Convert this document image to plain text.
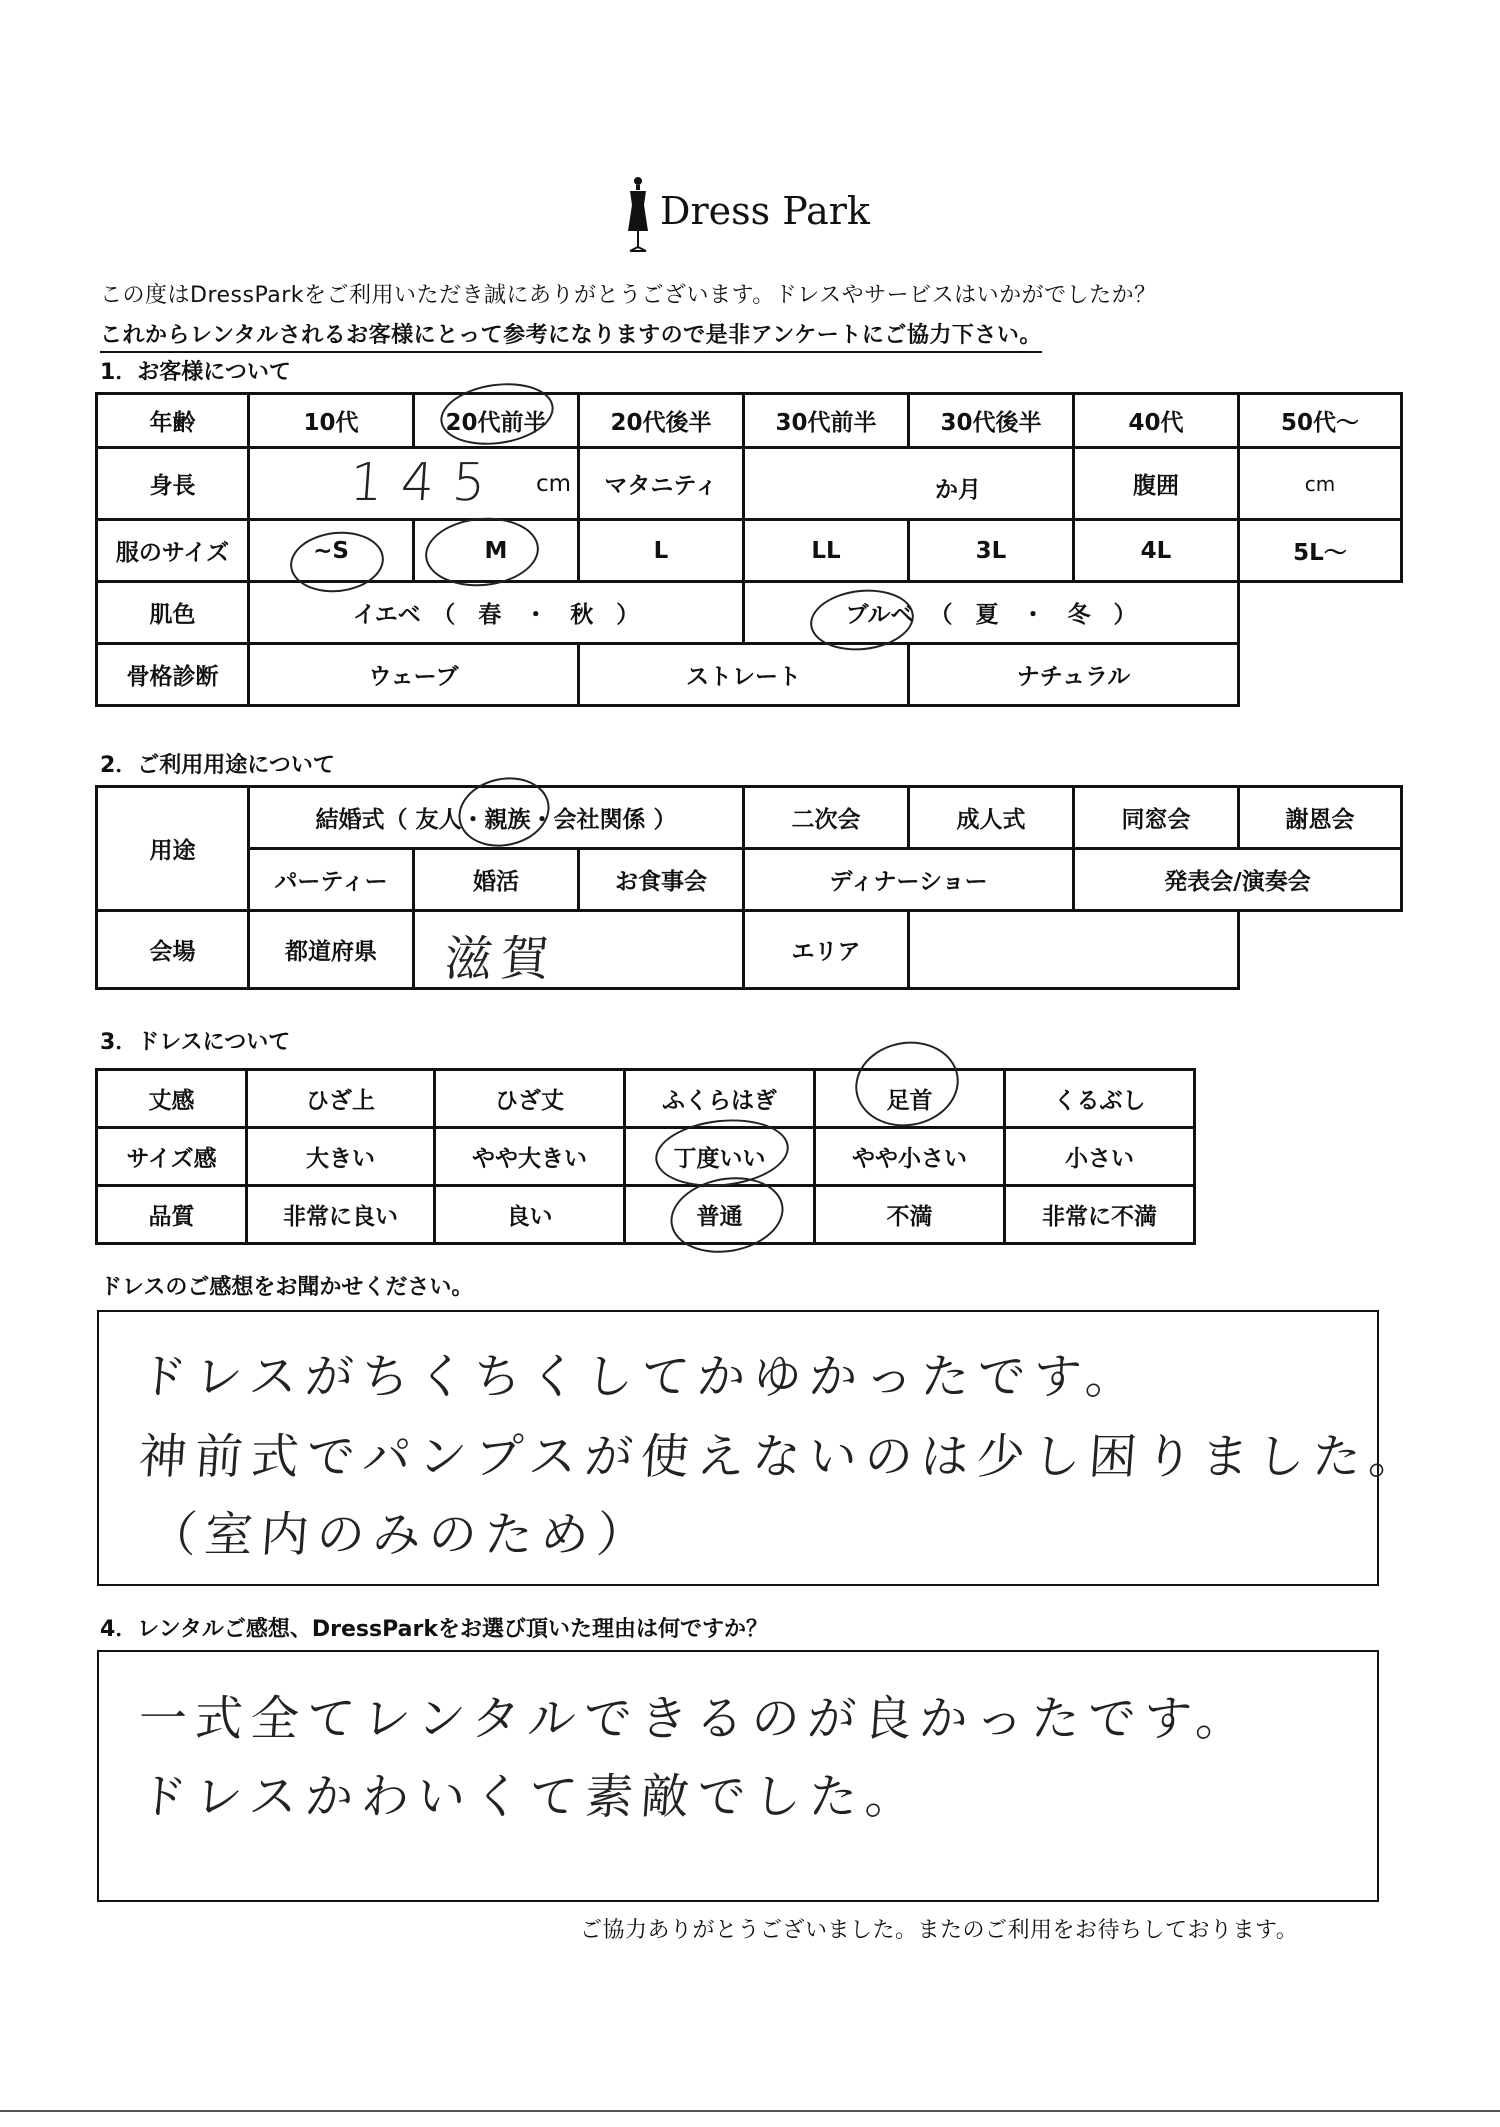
Dress Park
この度はDressParkをご利用いただき誠にありがとうございます。ドレスやサービスはいかがでしたか？
これからレンタルされるお客様にとって参考になりますので是非アンケートにご協力下さい。
1．お客様について
年齢	10代	20代前半	20代後半	30代前半	30代後半	40代	50代〜
身長	145 cm		マタニティ	か月		腹囲	cm
服のサイズ	~S	M	L	LL	3L	4L	5L〜
肌色	イエベ　（　春　・　秋　）			ブルベ （　夏　・　冬　）			
骨格診断	ウェーブ		ストレート		ナチュラル		
2．ご利用用途について
用途	結婚式（ 友人・親族・会社関係 ）			二次会	成人式	同窓会	謝恩会
	パーティー	婚活	お食事会	ディナーショー		発表会/演奏会	
会場	都道府県	滋賀		エリア			
3．ドレスについて
丈感	ひざ上	ひざ丈	ふくらはぎ	足首	くるぶし
サイズ感	大きい	やや大きい	丁度いい	やや小さい	小さい
品質	非常に良い	良い	普通	不満	非常に不満
ドレスのご感想をお聞かせください。
ドレスがちくちくしてかゆかったです。
神前式でパンプスが使えないのは少し困りました。
（室内のみのため）
4．レンタルご感想、DressParkをお選び頂いた理由は何ですか？
一式全てレンタルできるのが良かったです。
ドレスかわいくて素敵でした。
ご協力ありがとうございました。またのご利用をお待ちしております。
